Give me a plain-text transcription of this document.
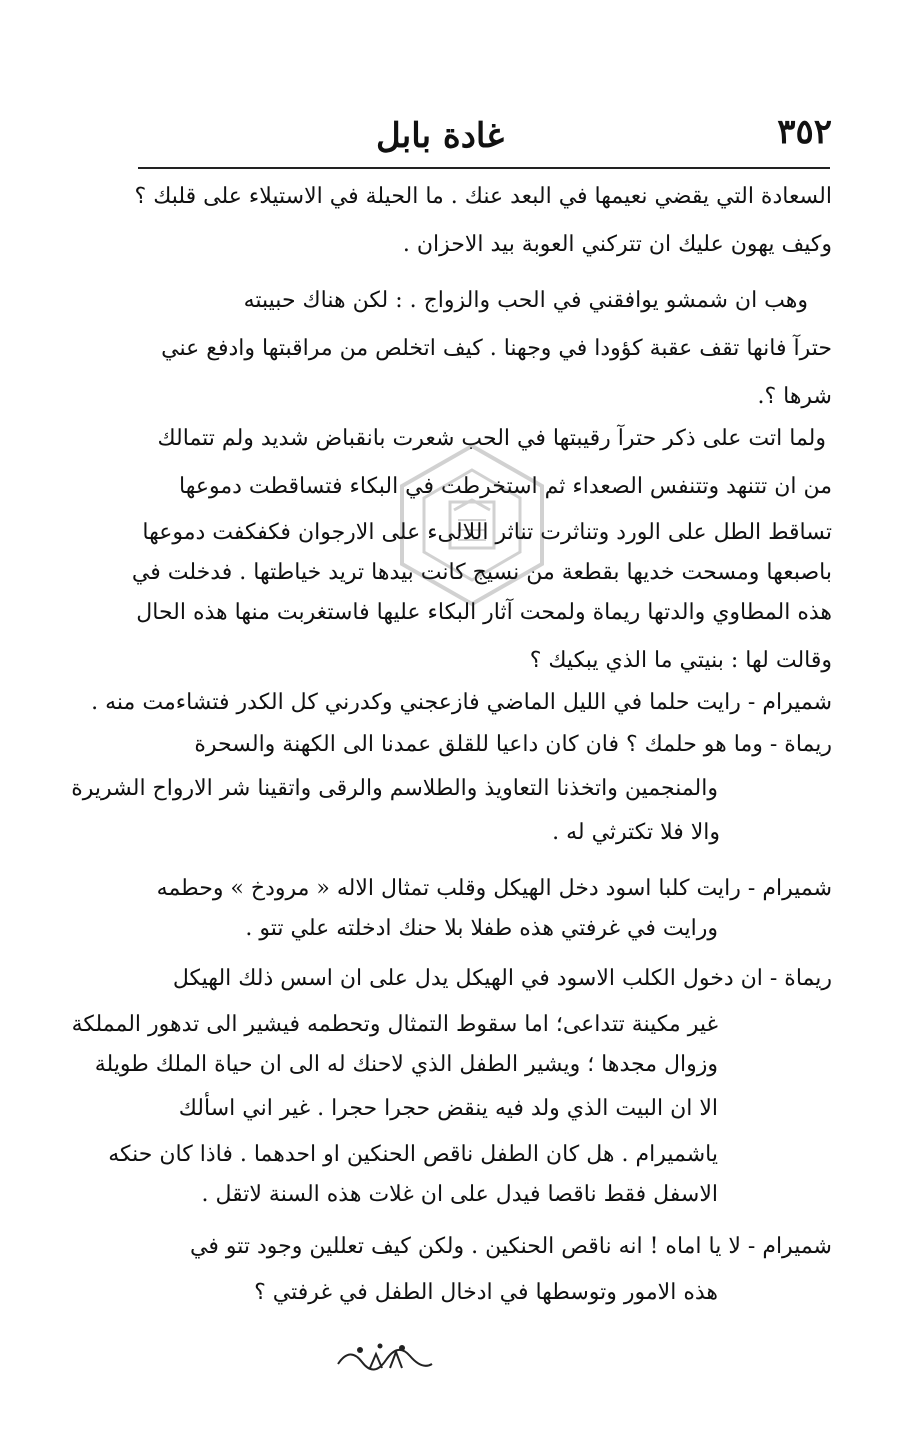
٣٥٢
غادة بابل
السعادة التي يقضي نعيمها في البعد عنك . ما الحيلة في الاستيلاء على قلبك ؟
وكيف يهون عليك ان تتركني العوبة بيد الاحزان .
وهب ان شمشو يوافقني في الحب والزواج . : لكن هناك حبيبته
حترآ فانها تقف عقبة كؤودا في وجهنا . كيف اتخلص من مراقبتها وادفع عني
شرها ؟.
ولما اتت على ذكر حترآ رقيبتها في الحب شعرت بانقباض شديد ولم تتمالك
من ان تتنهد وتتنفس الصعداء ثم استخرطت في البكاء فتساقطت دموعها
تساقط الطل على الورد وتناثرت تناثر اللالىء على الارجوان فكفكفت دموعها
باصبعها ومسحت خديها بقطعة من نسيج كانت بيدها تريد خياطتها . فدخلت في
هذه المطاوي والدتها ريماة ولمحت آثار البكاء عليها فاستغربت منها هذه الحال
وقالت لها : بنيتي ما الذي يبكيك ؟
شميرام - رايت حلما في الليل الماضي فازعجني وكدرني كل الكدر فتشاءمت منه .
ريماة - وما هو حلمك ؟ فان كان داعيا للقلق عمدنا الى الكهنة والسحرة
والمنجمين واتخذنا التعاويذ والطلاسم والرقى واتقينا شر الارواح الشريرة
والا فلا تكترثي له .
شميرام - رايت كلبا اسود دخل الهيكل وقلب تمثال الاله « مرودخ » وحطمه
ورايت في غرفتي هذه طفلا بلا حنك ادخلته علي تتو .
ريماة - ان دخول الكلب الاسود في الهيكل يدل على ان اسس ذلك الهيكل
غير مكينة تتداعى؛ اما سقوط التمثال وتحطمه فيشير الى تدهور المملكة
وزوال مجدها ؛ ويشير الطفل الذي لاحنك له الى ان حياة الملك طويلة
الا ان البيت الذي ولد فيه ينقض حجرا حجرا . غير اني اسألك
ياشميرام . هل كان الطفل ناقص الحنكين او احدهما . فاذا كان حنكه
الاسفل فقط ناقصا فيدل على ان غلات هذه السنة لاتقل .
شميرام - لا يا اماه ! انه ناقص الحنكين . ولكن كيف تعللين وجود تتو في
هذه الامور وتوسطها في ادخال الطفل في غرفتي ؟
